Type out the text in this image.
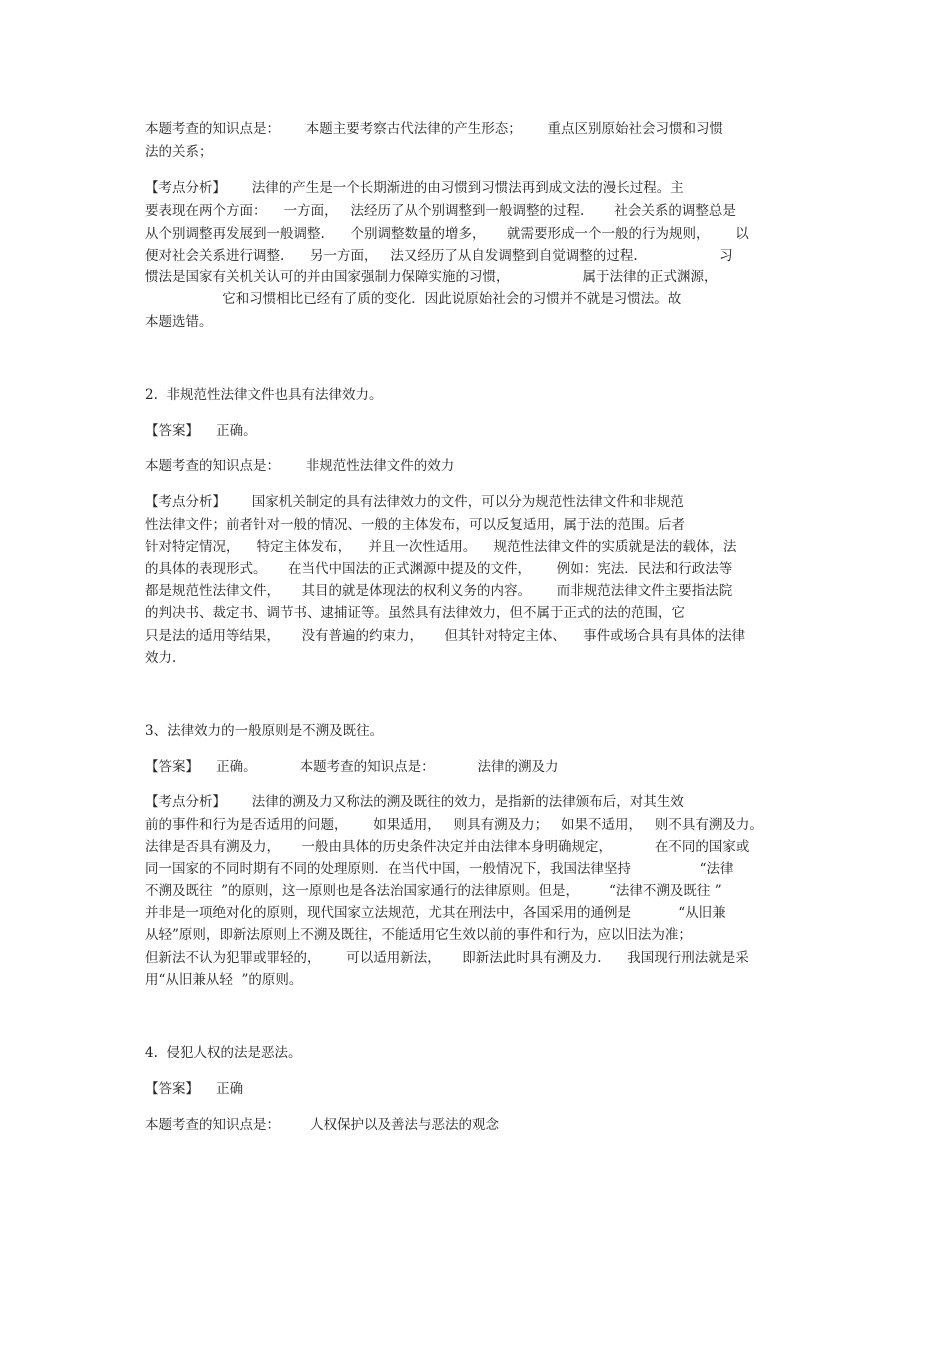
本题考查的知识点是：      本题主要考察古代法律的产生形态；      重点区别原始社会习惯和习惯
法的关系；
【考点分析】      法律的产生是一个长期渐进的由习惯到习惯法再到成文法的漫长过程。主
要表现在两个方面：    一方面，   法经历了从个别调整到一般调整的过程.       社会关系的调整总是
从个别调整再发展到一般调整.      个别调整数量的增多，     就需要形成一个一般的行为规则，      以
便对社会关系进行调整.      另一方面，   法又经历了从自发调整到自觉调整的过程.                   习
惯法是国家有关机关认可的并由国家强制力保障实施的习惯，                 属于法律的正式渊源，
它和习惯相比已经有了质的变化．因此说原始社会的习惯并不就是习惯法。故
本题选错。
2.  非规范性法律文件也具有法律效力。
【答案】    正确。
本题考查的知识点是：      非规范性法律文件的效力
【考点分析】      国家机关制定的具有法律效力的文件，可以分为规范性法律文件和非规范
性法律文件；前者针对一般的情况、一般的主体发布，可以反复适用，属于法的范围。后者
针对特定情况，    特定主体发布，    并且一次性适用。    规范性法律文件的实质就是法的载体，法
的具体的表现形式。     在当代中国法的正式渊源中提及的文件，      例如：宪法．民法和行政法等
都是规范性法律文件，     其目的就是体现法的权利义务的内容。      而非规范法律文件主要指法院
的判决书、裁定书、调节书、逮捕证等。虽然具有法律效力，但不属于正式的法的范围，它
只是法的适用等结果，     没有普遍的约束力，     但其针对特定主体、    事件或场合具有具体的法律
效力.
3、法律效力的一般原则是不溯及既往。
【答案】    正确。          本题考查的知识点是：          法律的溯及力
【考点分析】      法律的溯及力又称法的溯及既往的效力，是指新的法律颁布后，对其生效
前的事件和行为是否适用的问题，      如果适用，   则具有溯及力；   如果不适用，   则不具有溯及力。
法律是否具有溯及力，     一般由具体的历史条件决定并由法律本身明确规定，          在不同的国家或
同一国家的不同时期有不同的处理原则．在当代中国，一般情况下，我国法律坚持                “法律
不溯及既往  ”的原则，这一原则也是各法治国家通行的法律原则。但是，       “法律不溯及既往 ”
并非是一项绝对化的原则，现代国家立法规范，尤其在刑法中，各国采用的通例是           “从旧兼
从轻”原则，即新法原则上不溯及既往，不能适用它生效以前的事件和行为，应以旧法为准；
但新法不认为犯罪或罪轻的，      可以适用新法，     即新法此时具有溯及力.      我国现行刑法就是采
用“从旧兼从轻  ”的原则。
4.  侵犯人权的法是恶法。
【答案】    正确
本题考查的知识点是：       人权保护以及善法与恶法的观念
